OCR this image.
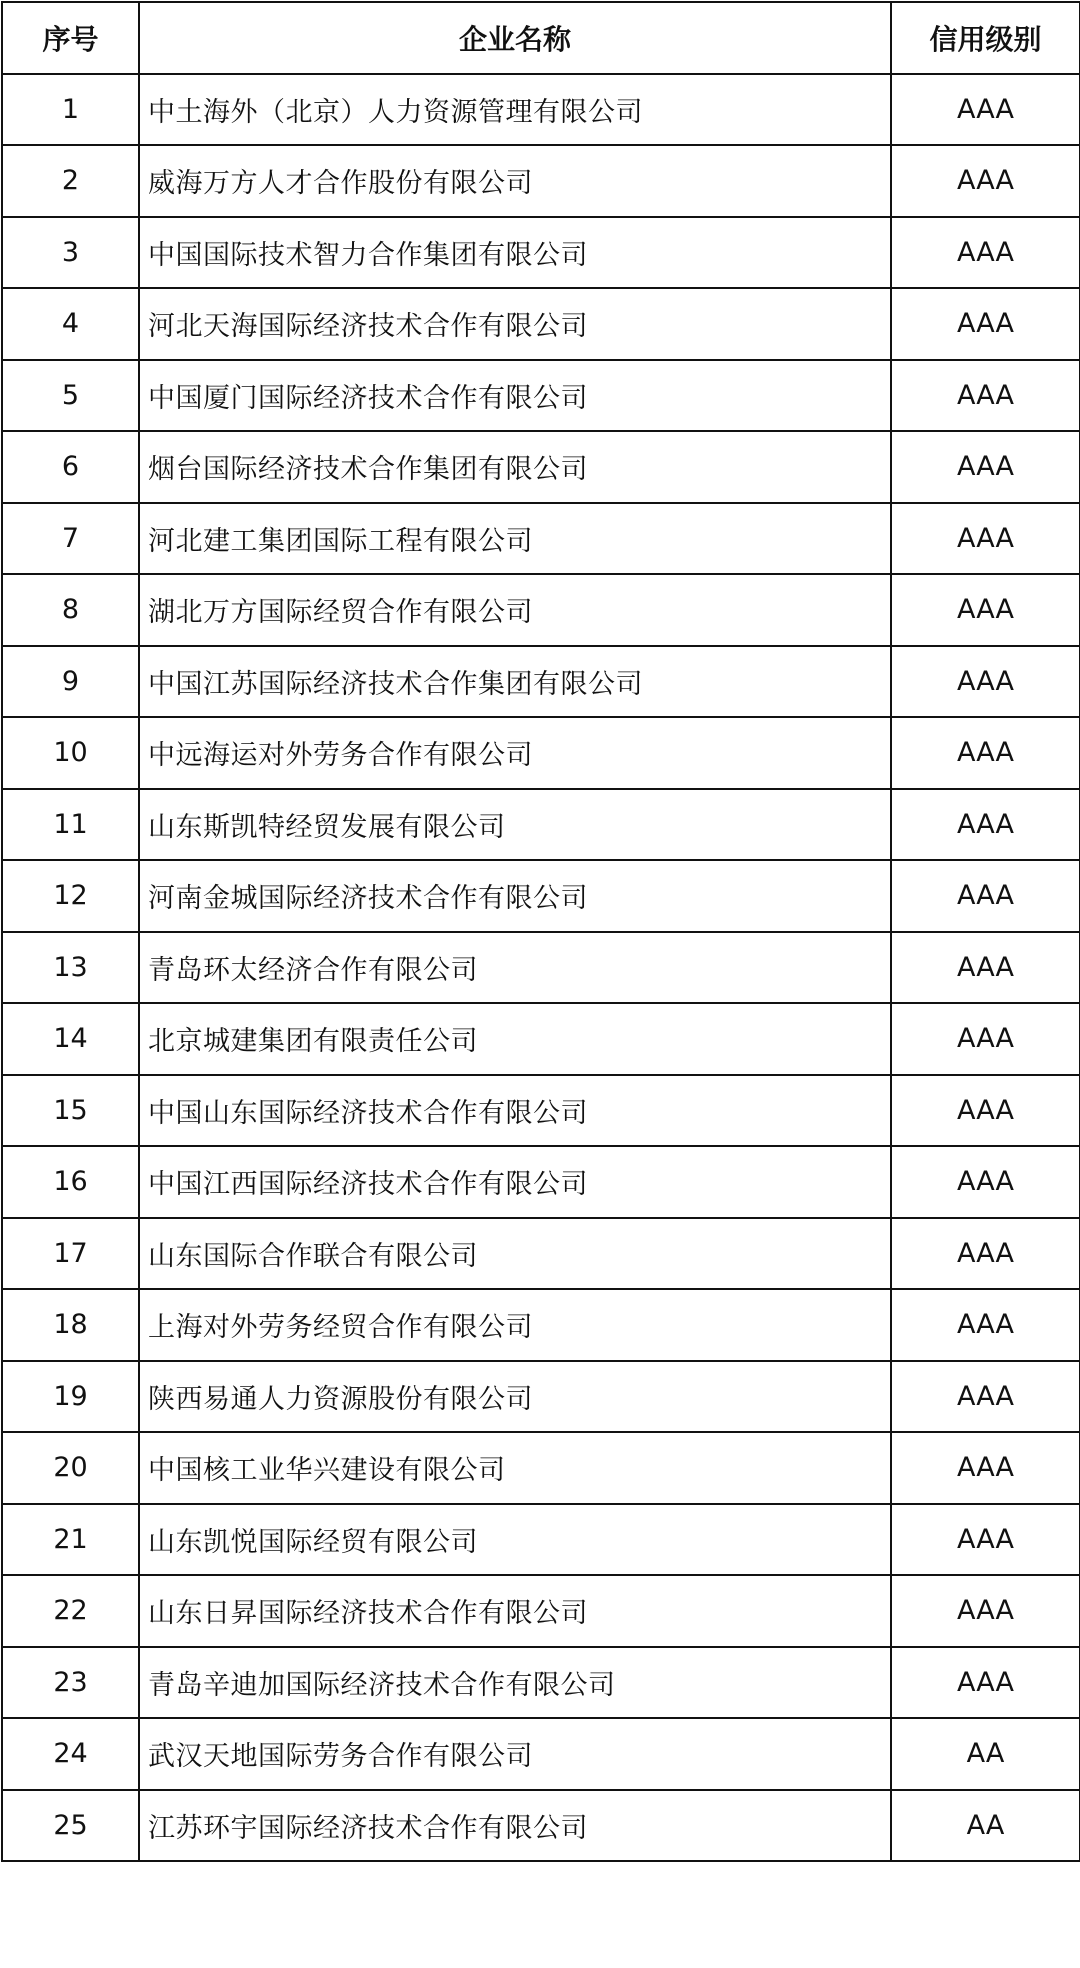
序号	企业名称	信用级别
1	中土海外（北京）人力资源管理有限公司	AAA
2	威海万方人才合作股份有限公司	AAA
3	中国国际技术智力合作集团有限公司	AAA
4	河北天海国际经济技术合作有限公司	AAA
5	中国厦门国际经济技术合作有限公司	AAA
6	烟台国际经济技术合作集团有限公司	AAA
7	河北建工集团国际工程有限公司	AAA
8	湖北万方国际经贸合作有限公司	AAA
9	中国江苏国际经济技术合作集团有限公司	AAA
10	中远海运对外劳务合作有限公司	AAA
11	山东斯凯特经贸发展有限公司	AAA
12	河南金城国际经济技术合作有限公司	AAA
13	青岛环太经济合作有限公司	AAA
14	北京城建集团有限责任公司	AAA
15	中国山东国际经济技术合作有限公司	AAA
16	中国江西国际经济技术合作有限公司	AAA
17	山东国际合作联合有限公司	AAA
18	上海对外劳务经贸合作有限公司	AAA
19	陕西易通人力资源股份有限公司	AAA
20	中国核工业华兴建设有限公司	AAA
21	山东凯悦国际经贸有限公司	AAA
22	山东日昇国际经济技术合作有限公司	AAA
23	青岛辛迪加国际经济技术合作有限公司	AAA
24	武汉天地国际劳务合作有限公司	AA
25	江苏环宇国际经济技术合作有限公司	AA
